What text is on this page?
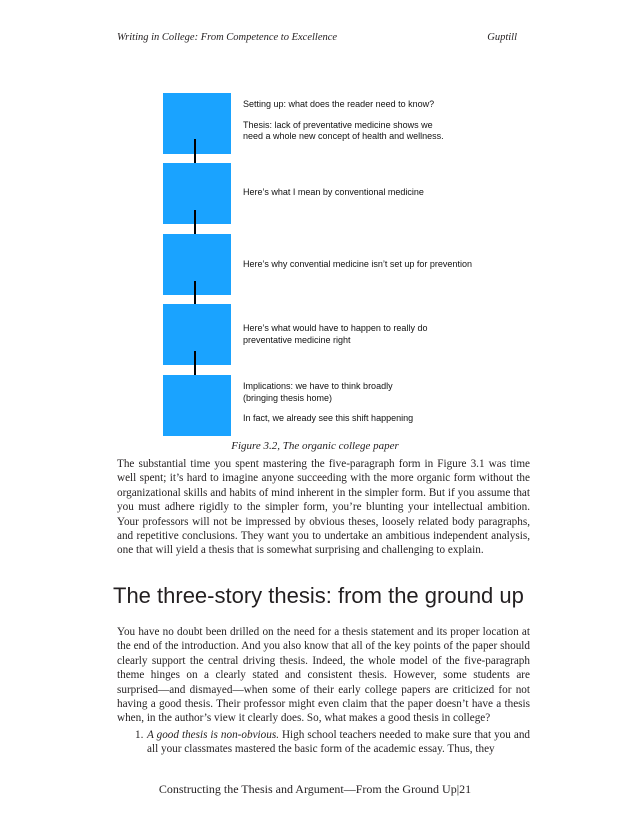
Writing in College: From Competence to Excellence	Guptill
Setting up: what does the reader need to know?
Thesis: lack of preventative medicine shows we
need a whole new concept of health and wellness.
Here’s what I mean by conventional medicine
Here’s why convential medicine isn’t set up for prevention
Here’s what would have to happen to really do
preventative medicine right
Implications: we have to think broadly
(bringing thesis home)
In fact, we already see this shift happening
Figure 3.2, The organic college paper

The substantial time you spent mastering the five-paragraph form in Figure 3.1 was time well spent; it’s hard to imagine anyone succeeding with the more organic form without the organizational skills and habits of mind inherent in the simpler form. But if you assume that you must adhere rigidly to the simpler form, you’re blunting your intellectual ambition. Your professors will not be impressed by obvious theses, loosely related body paragraphs, and repetitive conclusions. They want you to undertake an ambitious independent analysis, one that will yield a thesis that is somewhat surprising and challenging to explain.

The three-story thesis: from the ground up

You have no doubt been drilled on the need for a thesis statement and its proper location at the end of the introduction. And you also know that all of the key points of the paper should clearly support the central driving thesis. Indeed, the whole model of the five-paragraph theme hinges on a clearly stated and consistent thesis. However, some students are surprised—and dismayed—when some of their early college papers are criticized for not having a good thesis. Their professor might even claim that the paper doesn’t have a thesis when, in the author’s view it clearly does. So, what makes a good thesis in college?

1. A good thesis is non-obvious. High school teachers needed to make sure that you and all your classmates mastered the basic form of the academic essay. Thus, they
Constructing the Thesis and Argument—From the Ground Up|21
